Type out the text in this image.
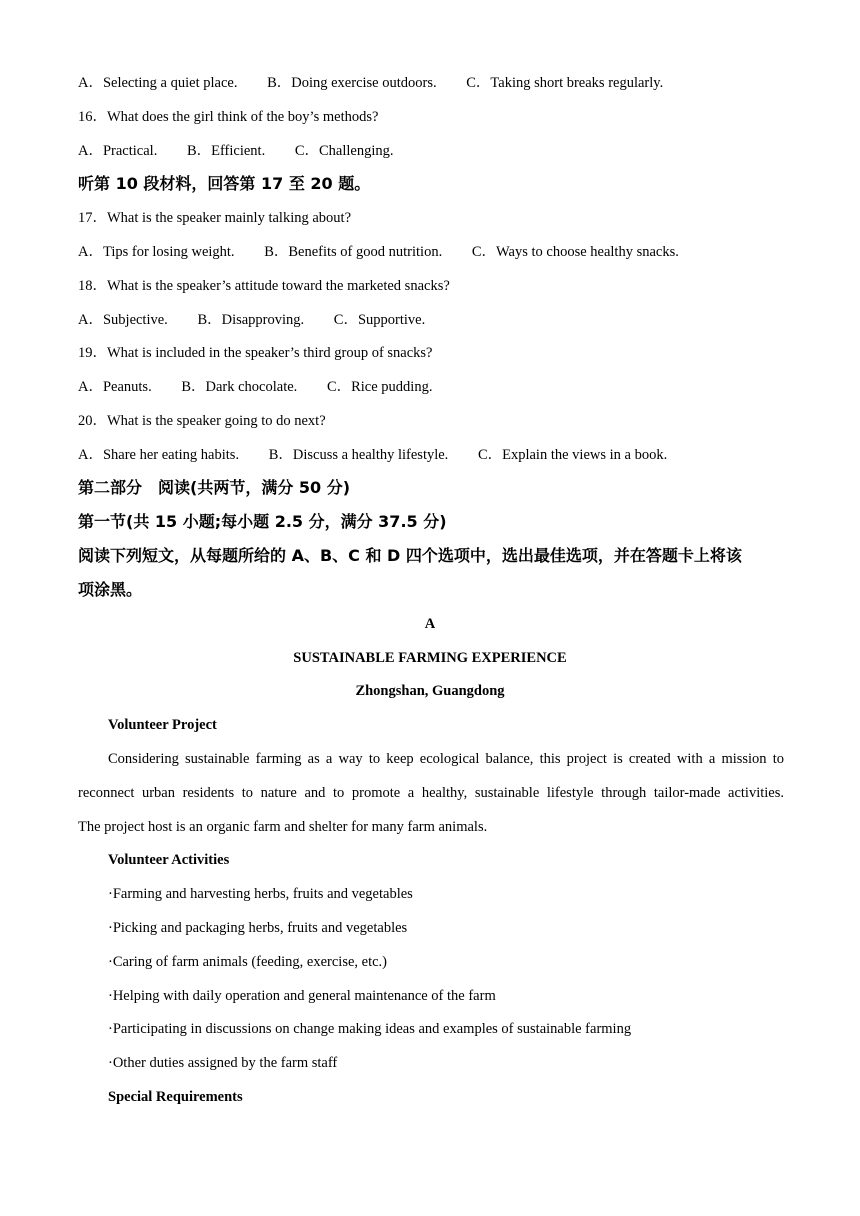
A．Selecting a quiet place. B．Doing exercise outdoors. C．Taking short breaks regularly.
16．What does the girl think of the boy’s methods?
A．Practical. B．Efficient. C．Challenging.
听第 10 段材料，回答第 17 至 20 题。
17．What is the speaker mainly talking about?
A．Tips for losing weight. B．Benefits of good nutrition. C．Ways to choose healthy snacks.
18．What is the speaker’s attitude toward the marketed snacks?
A．Subjective. B．Disapproving. C．Supportive.
19．What is included in the speaker’s third group of snacks?
A．Peanuts. B．Dark chocolate. C．Rice pudding.
20．What is the speaker going to do next?
A．Share her eating habits. B．Discuss a healthy lifestyle. C．Explain the views in a book.
第二部分　阅读(共两节，满分 50 分)
第一节(共 15 小题;每小题 2.5 分，满分 37.5 分)
阅读下列短文，从每题所给的 A、B、C 和 D 四个选项中，选出最佳选项，并在答题卡上将该
项涂黑。
A
SUSTAINABLE FARMING EXPERIENCE
Zhongshan, Guangdong
Volunteer Project
Considering sustainable farming as a way to keep ecological balance, this project is created with a mission to
reconnect urban residents to nature and to promote a healthy, sustainable lifestyle through tailor-made activities.
The project host is an organic farm and shelter for many farm animals.
Volunteer Activities
·Farming and harvesting herbs, fruits and vegetables
·Picking and packaging herbs, fruits and vegetables
·Caring of farm animals (feeding, exercise, etc.)
·Helping with daily operation and general maintenance of the farm
·Participating in discussions on change making ideas and examples of sustainable farming
·Other duties assigned by the farm staff
Special Requirements
